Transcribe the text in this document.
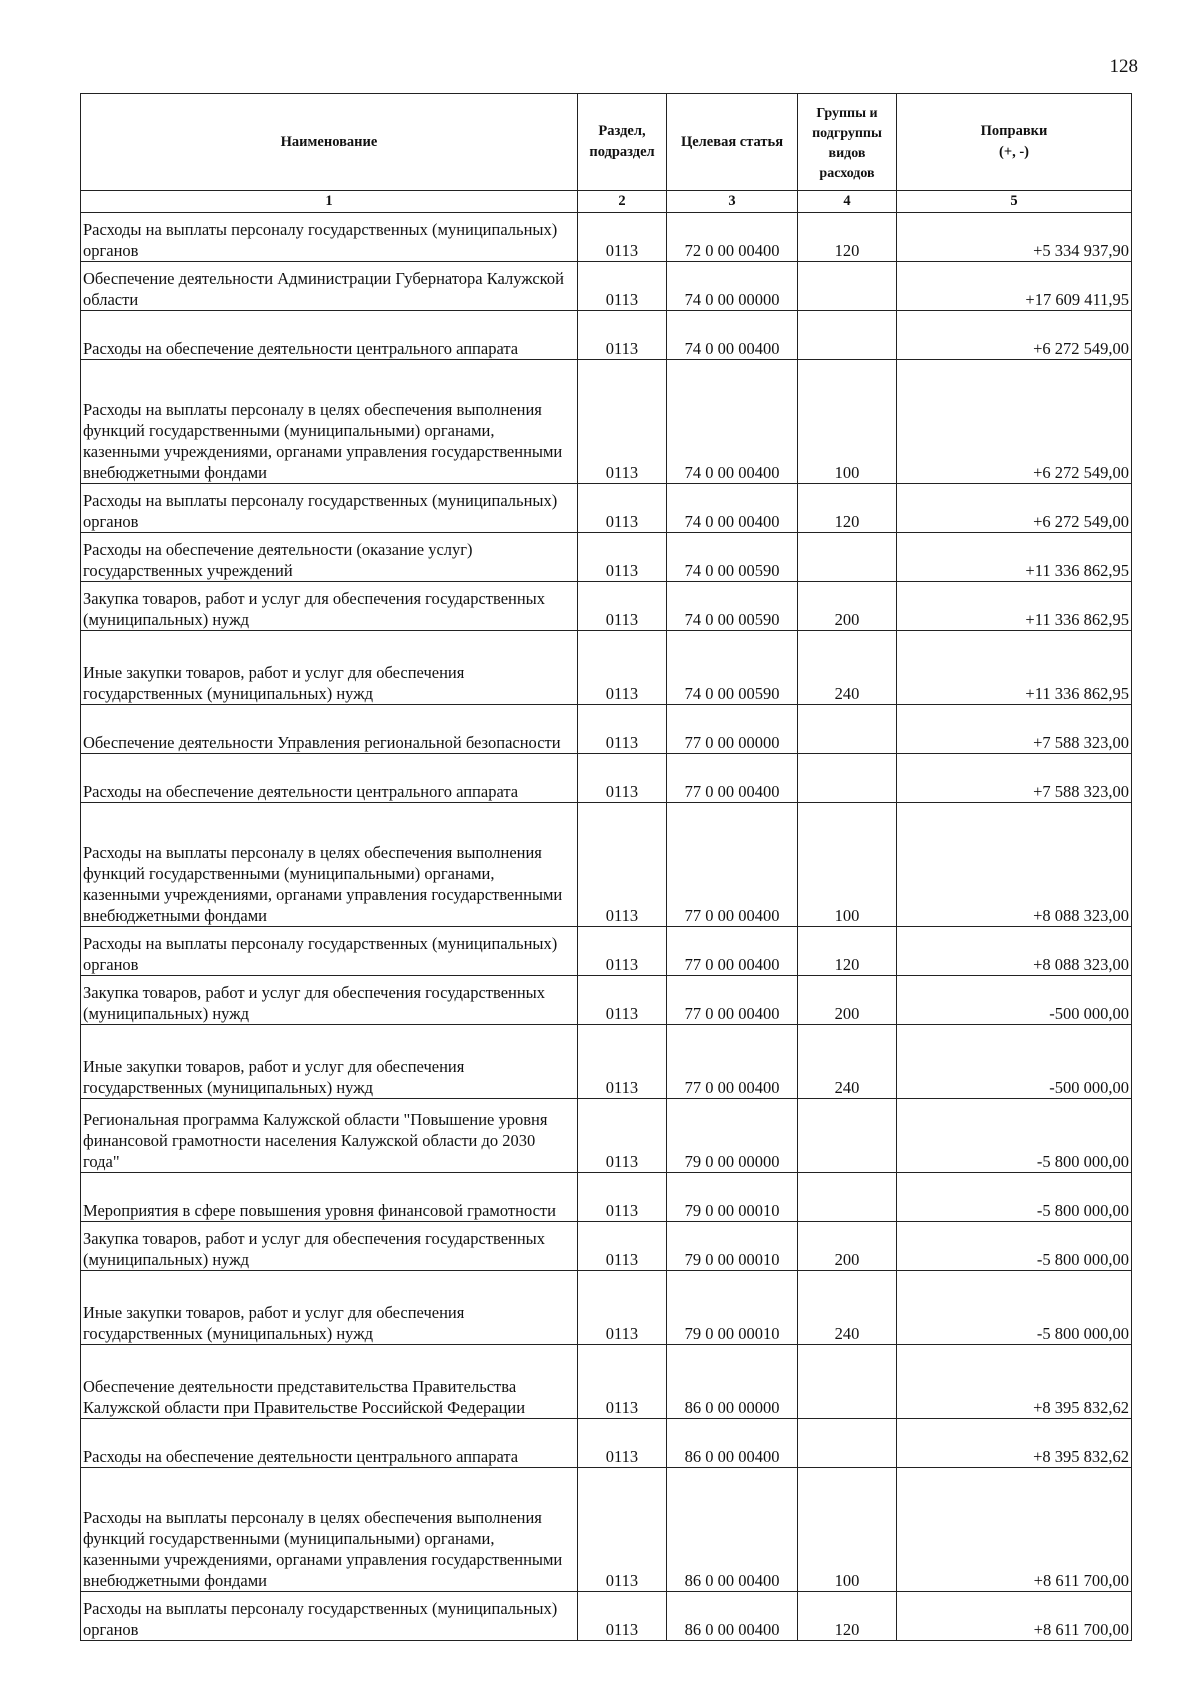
128
Наименование	Раздел, подраздел	Целевая статья	Группы и подгруппы видов расходов	Поправки
(+, -)

1	2	3	4	5
Расходы на выплаты персоналу государственных (муниципальных) органов	0113	72 0 00 00400	120	+5 334 937,90
Обеспечение деятельности Администрации Губернатора Калужской области	0113	74 0 00 00000		+17 609 411,95
Расходы на обеспечение деятельности центрального аппарата	0113	74 0 00 00400		+6 272 549,00
Расходы на выплаты персоналу в целях обеспечения выполнения функций государственными (муниципальными) органами, казенными учреждениями, органами управления государственными внебюджетными фондами	0113	74 0 00 00400	100	+6 272 549,00
Расходы на выплаты персоналу государственных (муниципальных) органов	0113	74 0 00 00400	120	+6 272 549,00
Расходы на обеспечение деятельности (оказание услуг) государственных учреждений	0113	74 0 00 00590		+11 336 862,95
Закупка товаров, работ и услуг для обеспечения государственных (муниципальных) нужд	0113	74 0 00 00590	200	+11 336 862,95
Иные закупки товаров, работ и услуг для обеспечения государственных (муниципальных) нужд	0113	74 0 00 00590	240	+11 336 862,95
Обеспечение деятельности Управления региональной безопасности	0113	77 0 00 00000		+7 588 323,00
Расходы на обеспечение деятельности центрального аппарата	0113	77 0 00 00400		+7 588 323,00
Расходы на выплаты персоналу в целях обеспечения выполнения функций государственными (муниципальными) органами, казенными учреждениями, органами управления государственными внебюджетными фондами	0113	77 0 00 00400	100	+8 088 323,00
Расходы на выплаты персоналу государственных (муниципальных) органов	0113	77 0 00 00400	120	+8 088 323,00
Закупка товаров, работ и услуг для обеспечения государственных (муниципальных) нужд	0113	77 0 00 00400	200	-500 000,00
Иные закупки товаров, работ и услуг для обеспечения государственных (муниципальных) нужд	0113	77 0 00 00400	240	-500 000,00
Региональная программа Калужской области "Повышение уровня финансовой грамотности населения Калужской области до 2030 года"	0113	79 0 00 00000		-5 800 000,00
Мероприятия в сфере повышения уровня финансовой грамотности	0113	79 0 00 00010		-5 800 000,00
Закупка товаров, работ и услуг для обеспечения государственных (муниципальных) нужд	0113	79 0 00 00010	200	-5 800 000,00
Иные закупки товаров, работ и услуг для обеспечения государственных (муниципальных) нужд	0113	79 0 00 00010	240	-5 800 000,00
Обеспечение деятельности представительства Правительства Калужской области при Правительстве Российской Федерации	0113	86 0 00 00000		+8 395 832,62
Расходы на обеспечение деятельности центрального аппарата	0113	86 0 00 00400		+8 395 832,62
Расходы на выплаты персоналу в целях обеспечения выполнения функций государственными (муниципальными) органами, казенными учреждениями, органами управления государственными внебюджетными фондами	0113	86 0 00 00400	100	+8 611 700,00
Расходы на выплаты персоналу государственных (муниципальных) органов	0113	86 0 00 00400	120	+8 611 700,00
